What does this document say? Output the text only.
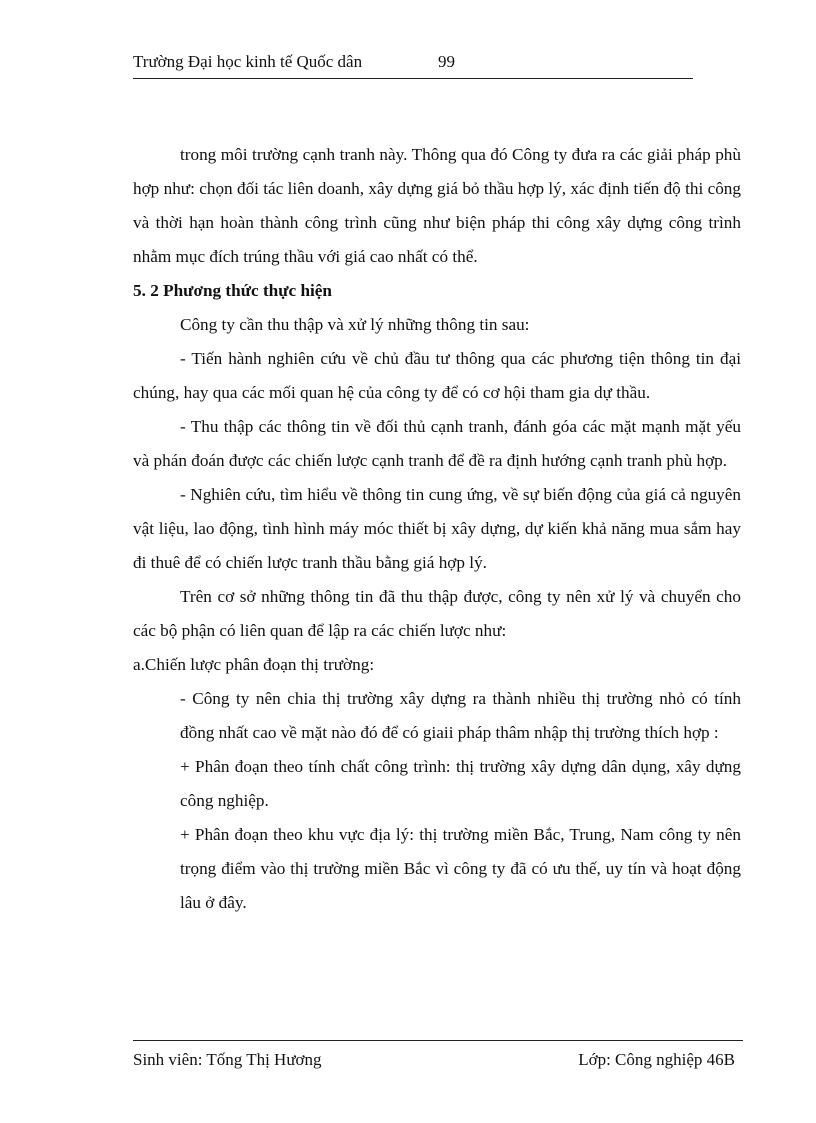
Trường Đại học kinh tế Quốc dân	99

trong môi trường cạnh tranh này. Thông qua đó Công ty đưa ra các giải pháp phù hợp như: chọn đối tác liên doanh, xây dựng giá bỏ thầu hợp lý, xác định tiến độ thi công và thời hạn hoàn thành công trình cũng như biện pháp thi công xây dựng công trình nhằm mục đích trúng thầu với giá cao nhất có thể.

5. 2 Phương thức thực hiện

Công ty cần thu thập và xử lý những thông tin sau:

- Tiến hành nghiên cứu về chủ đầu tư thông qua các phương tiện thông tin đại chúng, hay qua các mối quan hệ của công ty để có cơ hội tham gia dự thầu.

- Thu thập các thông tin về đối thủ cạnh tranh, đánh góa các mặt mạnh mặt yếu và phán đoán được các chiến lược cạnh tranh để đề ra định hướng cạnh tranh phù hợp.

- Nghiên cứu, tìm hiểu về thông tin cung ứng, về sự biến động của giá cả nguyên vật liệu, lao động, tình hình máy móc thiết bị xây dựng, dự kiến khả năng mua sắm hay đi thuê để có chiến lược tranh thầu bằng giá hợp lý.

Trên cơ sở những thông tin đã thu thập được, công ty nên xử lý và chuyển cho các bộ phận có liên quan để lập ra các chiến lược như:

a.Chiến lược phân đoạn thị trường:

- Công ty nên chia thị trường xây dựng ra thành nhiều thị trường nhỏ có tính đồng nhất cao về mặt nào đó để có giaii pháp thâm nhập thị trường thích hợp :

+ Phân đoạn theo tính chất công trình: thị trường xây dựng dân dụng, xây dựng công nghiệp.

+ Phân đoạn theo khu vực địa lý: thị trường miền Bắc, Trung, Nam công ty nên trọng điểm vào thị trường miền Bắc vì công ty đã có ưu thế, uy tín và hoạt động lâu ở đây.

Sinh viên: Tống Thị Hương	Lớp: Công nghiệp 46B
